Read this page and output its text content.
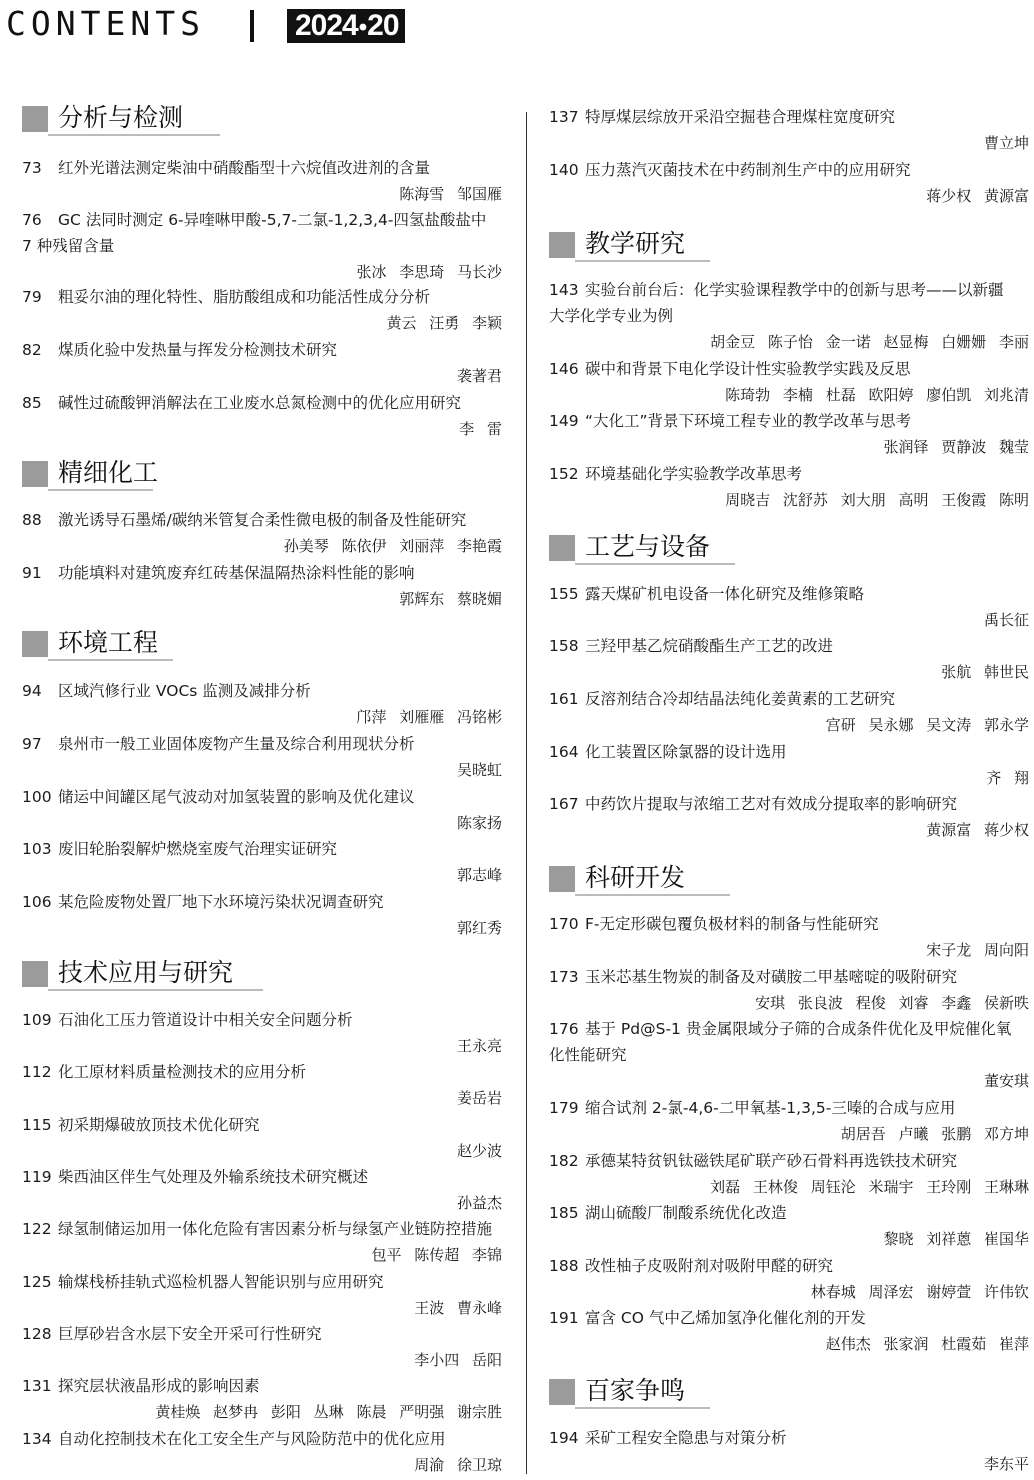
CONTENTS	2024•20
分析与检测
73 红外光谱法测定柴油中硝酸酯型十六烷值改进剂的含量
陈海雪 邹国雁
76 GC 法同时测定 6-异喹啉甲酸-5,7-二氯-1,2,3,4-四氢盐酸盐中
7 种残留含量
张冰 李思琦 马长沙
79 粗妥尔油的理化特性、脂肪酸组成和功能活性成分分析
黄云 汪勇 李颖
82 煤质化验中发热量与挥发分检测技术研究
袭著君
85 碱性过硫酸钾消解法在工业废水总氮检测中的优化应用研究
李 雷
精细化工
88 激光诱导石墨烯/碳纳米管复合柔性微电极的制备及性能研究
孙美琴 陈依伊 刘丽萍 李艳霞
91 功能填料对建筑废弃红砖基保温隔热涂料性能的影响
郭辉东 蔡晓媚
环境工程
94 区域汽修行业 VOCs 监测及减排分析
邝萍 刘雁雁 冯铭彬
97 泉州市一般工业固体废物产生量及综合利用现状分析
吴晓虹
100 储运中间罐区尾气波动对加氢装置的影响及优化建议
陈家扬
103 废旧轮胎裂解炉燃烧室废气治理实证研究
郭志峰
106 某危险废物处置厂地下水环境污染状况调查研究
郭红秀
技术应用与研究
109 石油化工压力管道设计中相关安全问题分析
王永亮
112 化工原材料质量检测技术的应用分析
姜岳岩
115 初采期爆破放顶技术优化研究
赵少波
119 柴西油区伴生气处理及外输系统技术研究概述
孙益杰
122 绿氢制储运加用一体化危险有害因素分析与绿氢产业链防控措施
包平 陈传超 李锦
125 输煤栈桥挂轨式巡检机器人智能识别与应用研究
王波 曹永峰
128 巨厚砂岩含水层下安全开采可行性研究
李小四 岳阳
131 探究层状液晶形成的影响因素
黄桂焕 赵梦冉 彭阳 丛琳 陈晨 严明强 谢宗胜
134 自动化控制技术在化工安全生产与风险防范中的优化应用
周渝 徐卫琼
137 特厚煤层综放开采沿空掘巷合理煤柱宽度研究
曹立坤
140 压力蒸汽灭菌技术在中药制剂生产中的应用研究
蒋少权 黄源富
教学研究
143 实验台前台后：化学实验课程教学中的创新与思考——以新疆
大学化学专业为例
胡金豆 陈子怡 金一诺 赵显梅 白姗姗 李丽
146 碳中和背景下电化学设计性实验教学实践及反思
陈琦勃 李楠 杜磊 欧阳婷 廖伯凯 刘兆清
149 “大化工”背景下环境工程专业的教学改革与思考
张润铎 贾静波 魏莹
152 环境基础化学实验教学改革思考
周晓吉 沈舒苏 刘大朋 高明 王俊霞 陈明
工艺与设备
155 露天煤矿机电设备一体化研究及维修策略
禹长征
158 三羟甲基乙烷硝酸酯生产工艺的改进
张航 韩世民
161 反溶剂结合冷却结晶法纯化姜黄素的工艺研究
宫研 吴永娜 吴文涛 郭永学
164 化工装置区除氯器的设计选用
齐 翔
167 中药饮片提取与浓缩工艺对有效成分提取率的影响研究
黄源富 蒋少权
科研开发
170 F-无定形碳包覆负极材料的制备与性能研究
宋子龙 周向阳
173 玉米芯基生物炭的制备及对磺胺二甲基嘧啶的吸附研究
安琪 张良波 程俊 刘睿 李鑫 侯新昳
176 基于 Pd@S-1 贵金属限域分子筛的合成条件优化及甲烷催化氧
化性能研究
董安琪
179 缩合试剂 2-氯-4,6-二甲氧基-1,3,5-三嗪的合成与应用
胡居吾 卢曦 张鹏 邓方坤
182 承德某特贫钒钛磁铁尾矿联产砂石骨料再选铁技术研究
刘磊 王林俊 周钰沦 米瑞宇 王玲刚 王琳琳
185 湖山硫酸厂制酸系统优化改造
黎晓 刘祥蒽 崔国华
188 改性柚子皮吸附剂对吸附甲醛的研究
林春城 周泽宏 谢婷萱 许伟钦
191 富含 CO 气中乙烯加氢净化催化剂的开发
赵伟杰 张家润 杜霞茹 崔萍
百家争鸣
194 采矿工程安全隐患与对策分析
李东平
